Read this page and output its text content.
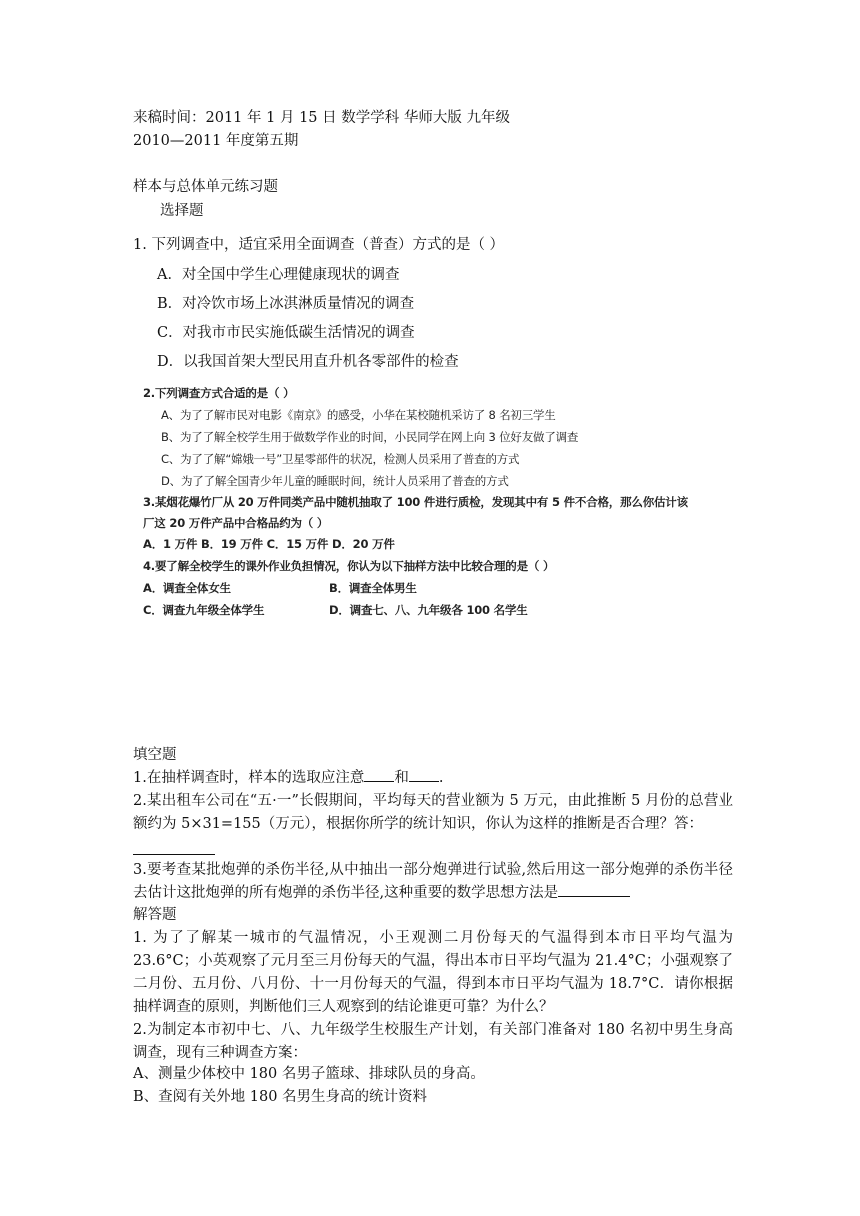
来稿时间：2011 年 1 月 15 日 数学学科 华师大版 九年级
2010—2011 年度第五期
样本与总体单元练习题
选择题
1. 下列调查中，适宜采用全面调查（普查）方式的是（ ）
A．对全国中学生心理健康现状的调查
B．对冷饮市场上冰淇淋质量情况的调查
C．对我市市民实施低碳生活情况的调查
D．以我国首架大型民用直升机各零部件的检查
2.下列调查方式合适的是（ ）
A、为了了解市民对电影《南京》的感受，小华在某校随机采访了 8 名初三学生
B、为了了解全校学生用于做数学作业的时间，小民同学在网上向 3 位好友做了调查
C、为了了解“嫦娥一号”卫星零部件的状况，检测人员采用了普查的方式
D、为了了解全国青少年儿童的睡眠时间，统计人员采用了普查的方式
3.某烟花爆竹厂从 20 万件同类产品中随机抽取了 100 件进行质检，发现其中有 5 件不合格，那么你估计该
厂这 20 万件产品中合格品约为（ ）
A．1 万件 B．19 万件 C．15 万件 D．20 万件
4.要了解全校学生的课外作业负担情况，你认为以下抽样方法中比较合理的是（ ）
A．调查全体女生	B．调查全体男生
C．调查九年级全体学生	D．调查七、八、九年级各 100 名学生
填空题
1.在抽样调查时，样本的选取应注意 和 .
2.某出租车公司在“五·一”长假期间，平均每天的营业额为 5 万元，由此推断 5 月份的总营业额约为 5×31=155（万元），根据你所学的统计知识，你认为这样的推断是否合理？答：
3.要考查某批炮弹的杀伤半径,从中抽出一部分炮弹进行试验,然后用这一部分炮弹的杀伤半径去估计这批炮弹的所有炮弹的杀伤半径,这种重要的数学思想方法是
解答题
1. 为了了解某一城市的气温情况，小王观测二月份每天的气温得到本市日平均气温为 23.6°C；小英观察了元月至三月份每天的气温，得出本市日平均气温为 21.4°C；小强观察了二月份、五月份、八月份、十一月份每天的气温，得到本市日平均气温为 18.7°C．请你根据抽样调查的原则，判断他们三人观察到的结论谁更可靠？为什么？
2.为制定本市初中七、八、九年级学生校服生产计划，有关部门准备对 180 名初中男生身高调查，现有三种调查方案：
A、测量少体校中 180 名男子篮球、排球队员的身高。
B、查阅有关外地 180 名男生身高的统计资料
